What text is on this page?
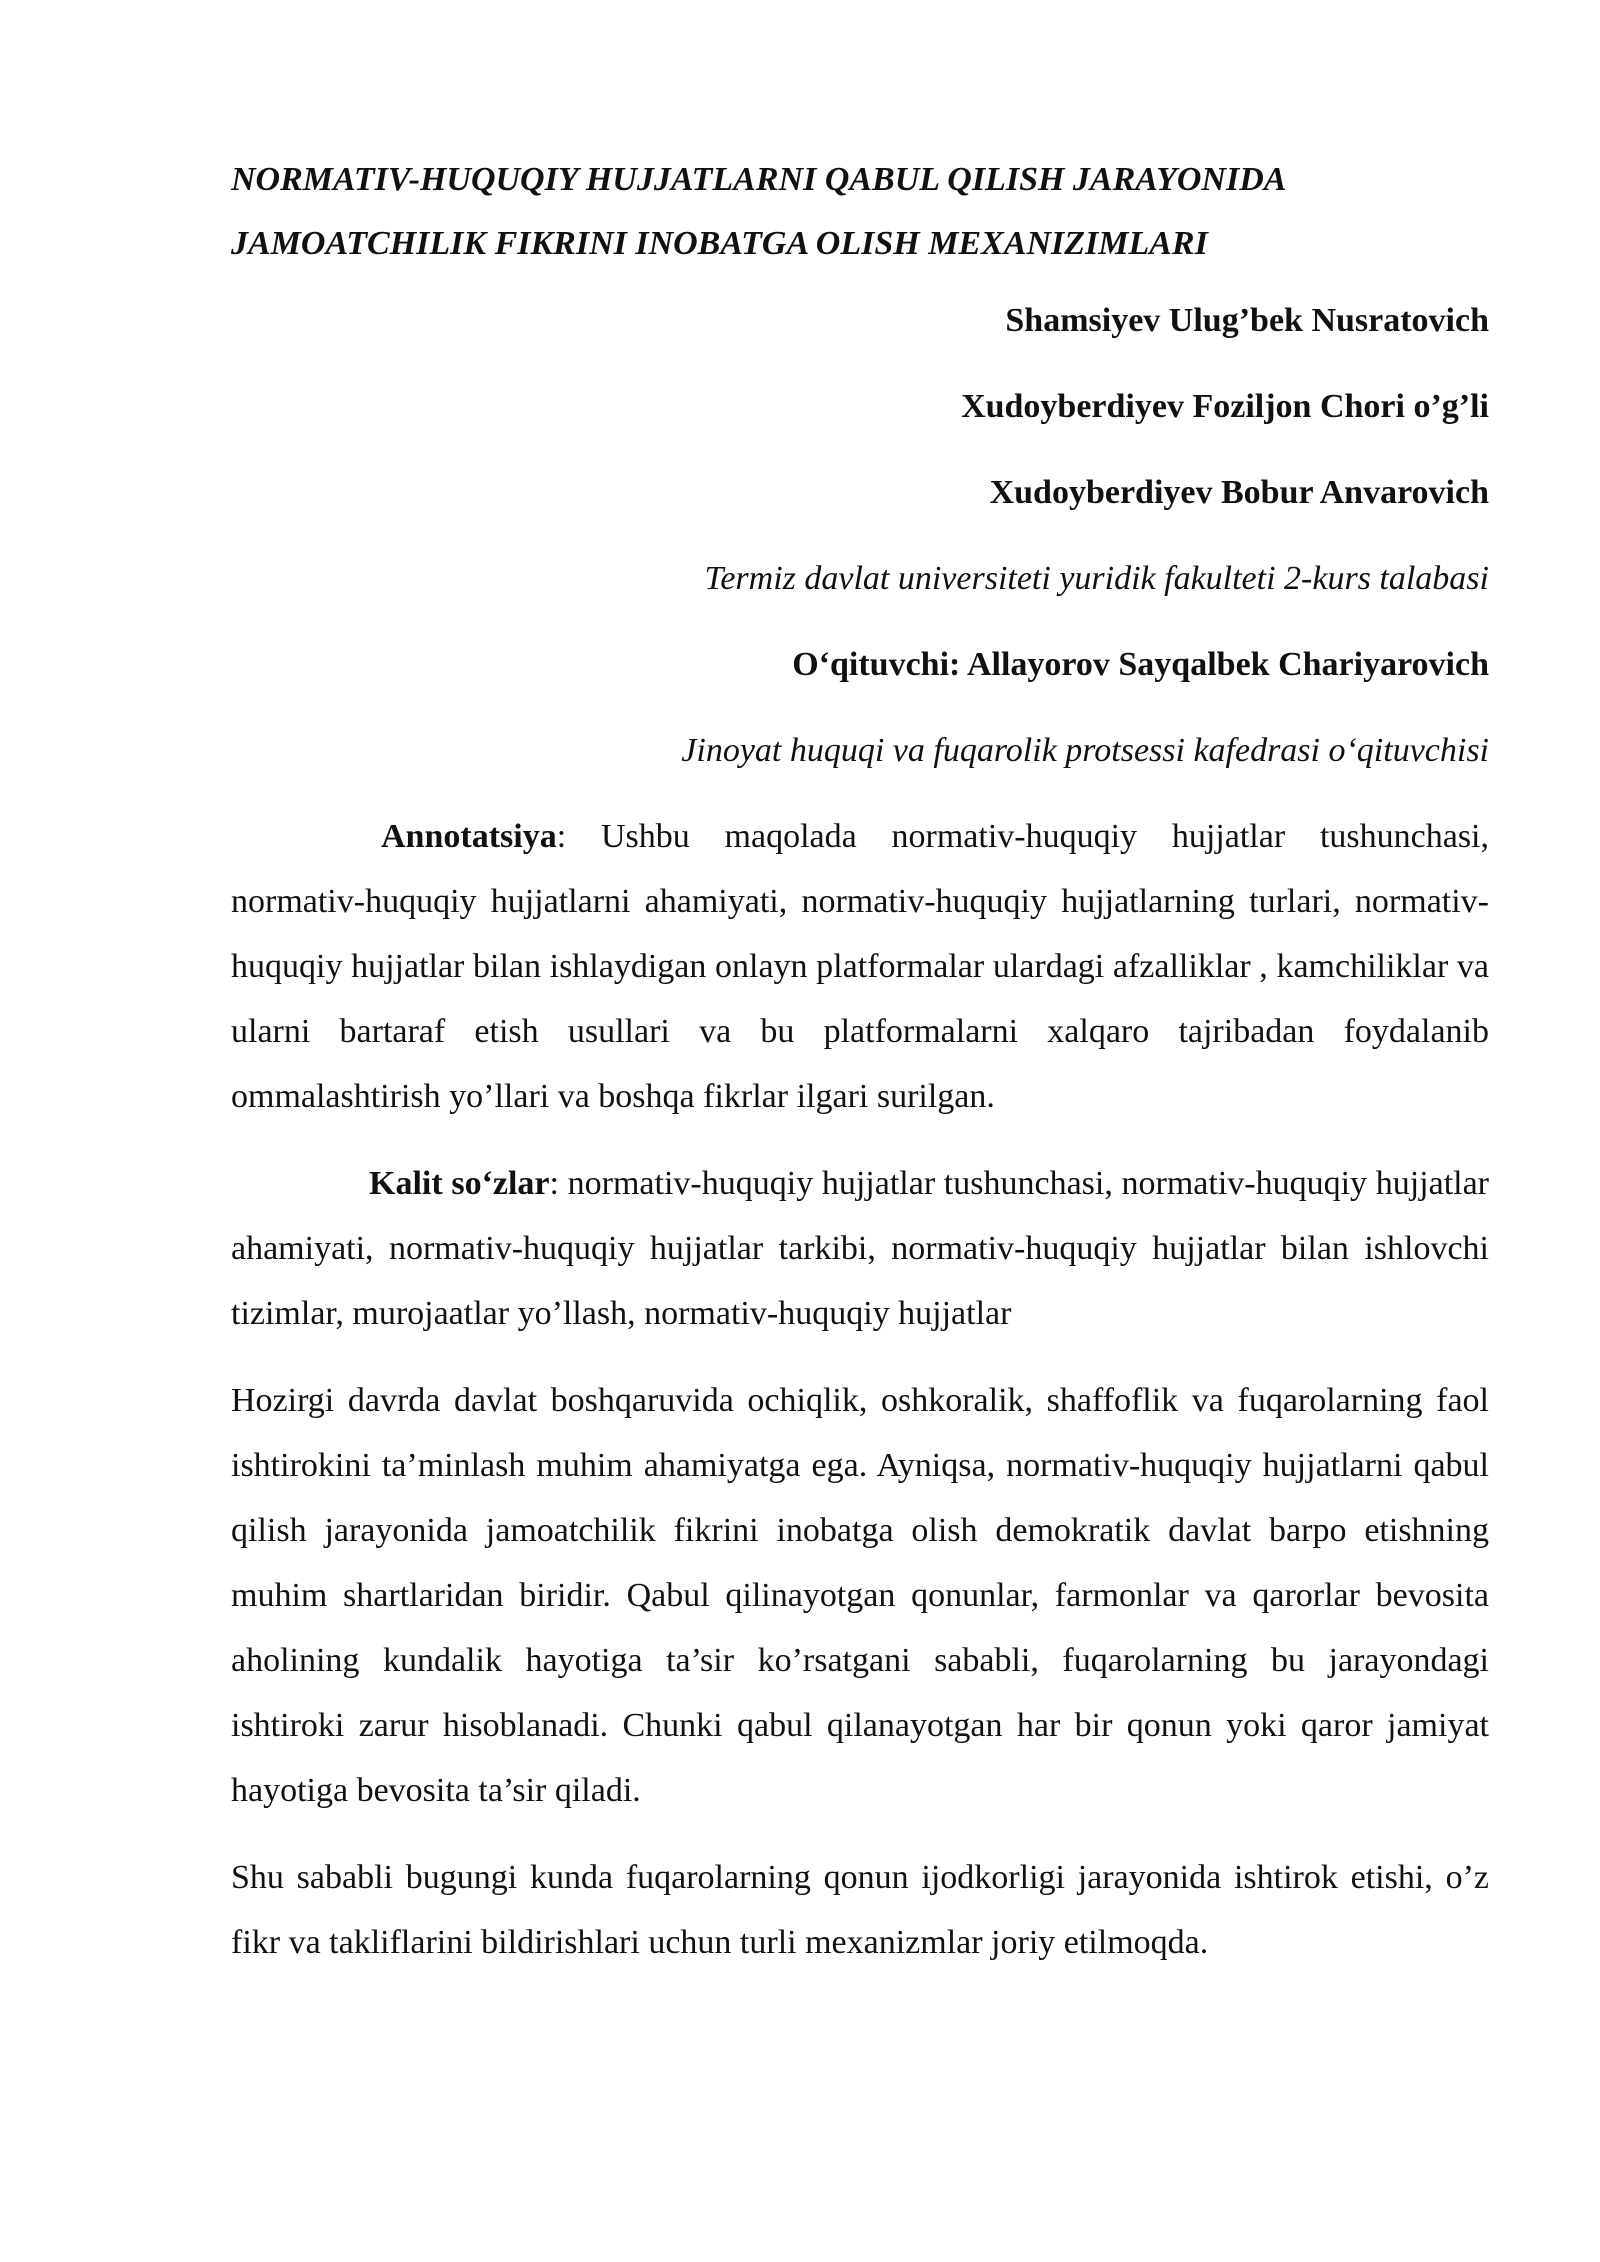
NORMATIV-HUQUQIY HUJJATLARNI QABUL QILISH JARAYONIDA
JAMOATCHILIK FIKRINI INOBATGA OLISH MEXANIZIMLARI

Shamsiyev Ulug’bek Nusratovich

Xudoyberdiyev Foziljon Chori o’g’li

Xudoyberdiyev Bobur Anvarovich

Termiz davlat universiteti yuridik fakulteti 2-kurs talabasi

O‘qituvchi: Allayorov Sayqalbek Chariyarovich

Jinoyat huquqi va fuqarolik protsessi kafedrasi o‘qituvchisi

Annotatsiya: Ushbu maqolada normativ-huquqiy hujjatlar tushunchasi, normativ-huquqiy hujjatlarni ahamiyati, normativ-huquqiy hujjatlarning turlari, normativ-huquqiy hujjatlar bilan ishlaydigan onlayn platformalar ulardagi afzalliklar , kamchiliklar va ularni bartaraf etish usullari va bu platformalarni xalqaro tajribadan foydalanib ommalashtirish yo’llari va boshqa fikrlar ilgari surilgan.

Kalit so‘zlar: normativ-huquqiy hujjatlar tushunchasi, normativ-huquqiy hujjatlar ahamiyati, normativ-huquqiy hujjatlar tarkibi, normativ-huquqiy hujjatlar bilan ishlovchi tizimlar, murojaatlar yo’llash, normativ-huquqiy hujjatlar

Hozirgi davrda davlat boshqaruvida ochiqlik, oshkoralik, shaffoflik va fuqarolarning faol ishtirokini ta’minlash muhim ahamiyatga ega. Ayniqsa, normativ-huquqiy hujjatlarni qabul qilish jarayonida jamoatchilik fikrini inobatga olish demokratik davlat barpo etishning muhim shartlaridan biridir. Qabul qilinayotgan qonunlar, farmonlar va qarorlar bevosita aholining kundalik hayotiga ta’sir ko’rsatgani sababli, fuqarolarning bu jarayondagi ishtiroki zarur hisoblanadi. Chunki qabul qilanayotgan har bir qonun yoki qaror jamiyat hayotiga bevosita ta’sir qiladi.

Shu sababli bugungi kunda fuqarolarning qonun ijodkorligi jarayonida ishtirok etishi, o’z fikr va takliflarini bildirishlari uchun turli mexanizmlar joriy etilmoqda.
